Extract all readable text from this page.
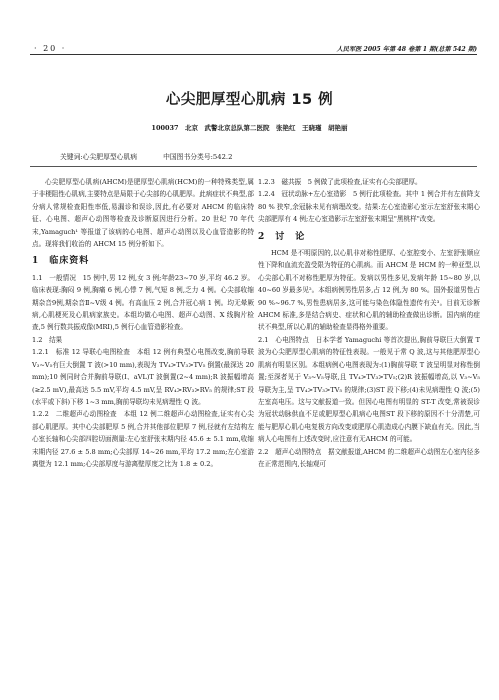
· 20 ·	人民军医 2005 年第 48 卷第 1 期(总第 542 期)
心尖肥厚型心肌病 15 例
100037　北京　武警北京总队第二医院　张艳红　王晓瑾　胡艳丽
关键词:心尖肥厚型心肌病	中国图书分类号:542.2

心尖肥厚型心肌病(AHCM)是肥厚型心肌病(HCM)的一种特殊类型,属于非梗阻性心肌病,主要特点是局限于心尖部的心肌肥厚。此病症状不典型,部分病人常规检查阳性率低,易漏诊和误诊,因此,有必要对 AHCM 的临床特征、心电图、超声心动图等检查及诊断原因进行分析。20 世纪 70 年代末,Yamaguch¹ 等报道了该病的心电图、超声心动图以及心血管造影的特点。现将我们收治的 AHCM 15 例分析如下。

1　临床资料

1.1　一般情况　15 例中,男 12 例,女 3 例;年龄23~70 岁,平均 46.2 岁。临床表现:胸闷 9 例,胸痛 6 例,心悸 7 例,气短 8 例,乏力 4 例。心尖部收缩期杂音9例,期杂音Ⅱ~Ⅴ级 4 例。有高血压 2 例,合并冠心病 1 例。均无晕厥病,心肌梗死及心肌病家族史。本组均做心电图、超声心动图、X 线胸片检查,5 例行数共振成像(MRI),5 例行心血管造影检查。

1.2　结果

1.2.1　标准 12 导联心电图检查　本组 12 例有典型心电图改变,胸前导联 V₃~V₅有巨大倒置 T 波(>10 mm),表现为 TV₄>TV₃>TV₅ 倒置(最深达 20 mm);10 例同时合并胸前导联(I、aVL)T 波倒置(2~4 mm);R 波振幅增高(≥2.5 mV),最高达 5.5 mV,平均 4.5 mV,呈 RV₄>RV₃>RV₅ 的规律;ST 段(水平或下斜)下移 1~3 mm,胸前导联均未见病理性 Q 波。

1.2.2　二维超声心动图检查　本组 12 例二维超声心动图检查,证实有心尖部心肌肥厚。其中心尖部肥厚 5 例,合并其他部位肥厚 7 例,径就有左结构左心室长轴和心尖部四腔切面测量:左心室舒张末期内径 45.6 ± 5.1 mm,收缩末期内径 27.6 ± 5.8 mm;心尖部厚 14~26 mm,平均 17.2 mm;左心室游离壁为 12.1 mm;心尖部厚度与游离壁厚度之比为 1.8 ± 0.2。

1.2.3　磁共振　5 例做了此项检查,证实有心尖部肥厚。

1.2.4　冠状动脉+左心室造影　5 例行此项检查。其中 1 例合并有左前降支 80 % 狭窄,余冠脉未见有病理改变。结果:左心室造影心室示左室舒张末期心尖部肥厚有 4 例;左心室造影示左室舒张末期呈"黑桃样"改变。

2　讨　论

HCM 是不明原因的,以心肌非对称性肥厚、心室腔变小、左室舒张顺应性下降和血流充盈受限为特征的心肌病。而 AHCM 是 HCM 的一种亚型,以心尖部心肌不对称性肥厚为特征。发病以男性多见,发病年龄 15~80 岁,以 40~60 岁最多见²。本组病例男性居多,占 12 例,为 80 %。国外报道男性占 90 %~96.7 %,男性患病居多,这可能与染色体隐性遗传有关³。目前无诊断 AHCM 标准,多是结合病史、症状和心肌的辅助检查做出诊断。国内病的症状不典型,所以心肌的辅助检查显得格外重要。

2.1　心电图特点　日本学者 Yamaguchi 等首次提出,胸前导联巨大倒置 T 波为心尖肥厚型心肌病的特征性表现。一般见于常 Q 波,这与其他肥厚型心肌病有明显区别。本组病例心电图表现为:(1)胸前导联 T 波呈明显对称性倒置;至深者见于 V₃~V₅导联,且 TV₄>TV₃>TV₅;(2)R 波振幅增高,以 V₃~V₅导联为主,呈 TV₄>TV₃>TV₅ 的规律;(3)ST 段下移;(4)未见病理性 Q 波;(5)左室高电压。这与文献报道一致。但因心电图有明显的 ST-T 改变,常被误诊为冠状动脉供血不足或肥厚型心肌病心电图ST 段下移的原因不十分清楚,可能与肥厚心肌心电复极方向改变或肥厚心肌造成心内膜下缺血有关。因此,当病人心电图有上述改变时,应注意有无AHCM 的可能。

2.2　超声心动图特点　据文献报道,AHCM 的二维超声心动图左心室内径多在正常范围内,长轴观可
